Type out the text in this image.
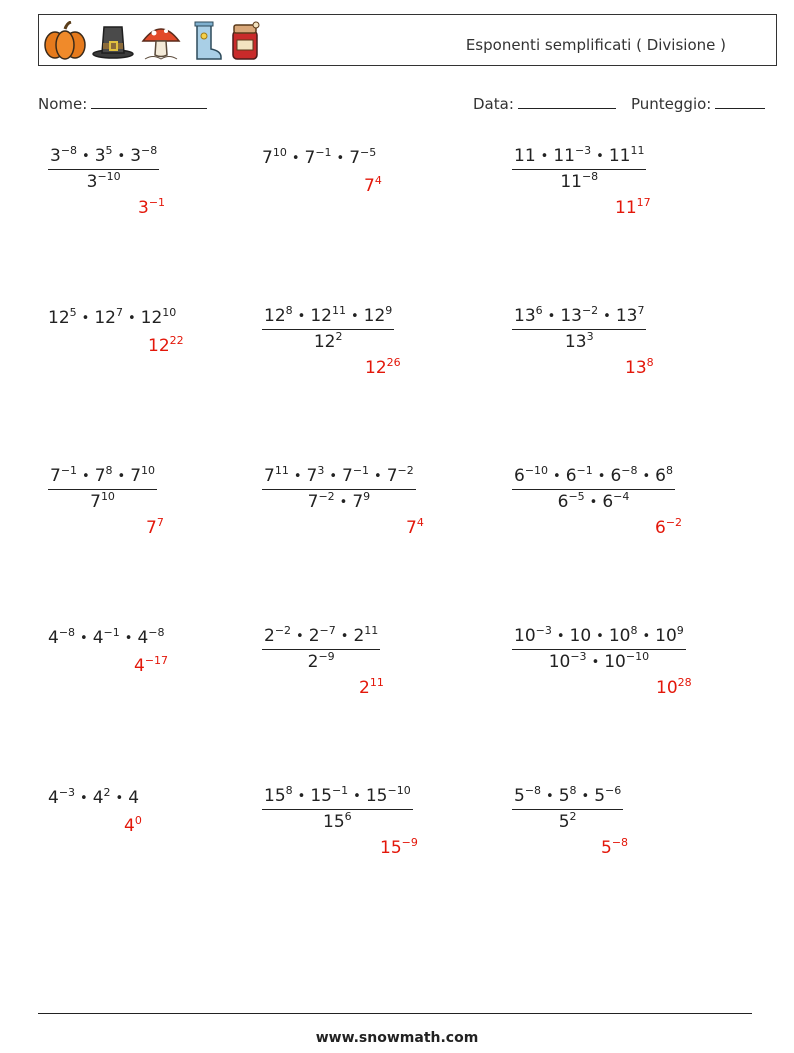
Esponenti semplificati ( Divisione )
Nome:	Data:	Punteggio:
$\frac{3^{-8} • 3^5 • 3^{-8}}{3^{-10}}$
$3^{-1}$
$7^{10}$ • $7^{-1}$ • $7^{-5}$
$7^4$	$\frac{11 • 11^{-3} • 11^{11}}{11^{-8}}$
$11^{17}$
$12^5$ • $12^7$ • $12^{10}$
$12^{22}$	$\frac{12^8 • 12^{11} • 12^9}{12^2}$
$12^{26}$
$\frac{13^6 • 13^{-2} • 13^7}{13^3}$
$13^8$
$\frac{7^{-1} • 7^8 • 7^{10}}{7^{10}}$
$7^7$
$\frac{7^{11} • 7^3 • 7^{-1} • 7^{-2}}{7^{-2} • 7^9}$
$7^4$
$\frac{6^{-10} • 6^{-1} • 6^{-8} • 6^8}{6^{-5} • 6^{-4}}$
$6^{-2}$
$4^{-8}$ • $4^{-1}$ • $4^{-8}$
$4^{-17}$	$\frac{2^{-2} • 2^{-7} • 2^{11}}{2^{-9}}$
$2^{11}$
$\frac{10^{-3} • 10 • 10^8 • 10^9}{10^{-3} • 10^{-10}}$
$10^{28}$
$4^{-3}$ • $4^2$ • 4
$4^0$	$\frac{15^8 • 15^{-1} • 15^{-10}}{15^6}$
$15^{-9}$
$\frac{5^{-8} • 5^8 • 5^{-6}}{5^2}$
$5^{-8}$
www.snowmath.com
